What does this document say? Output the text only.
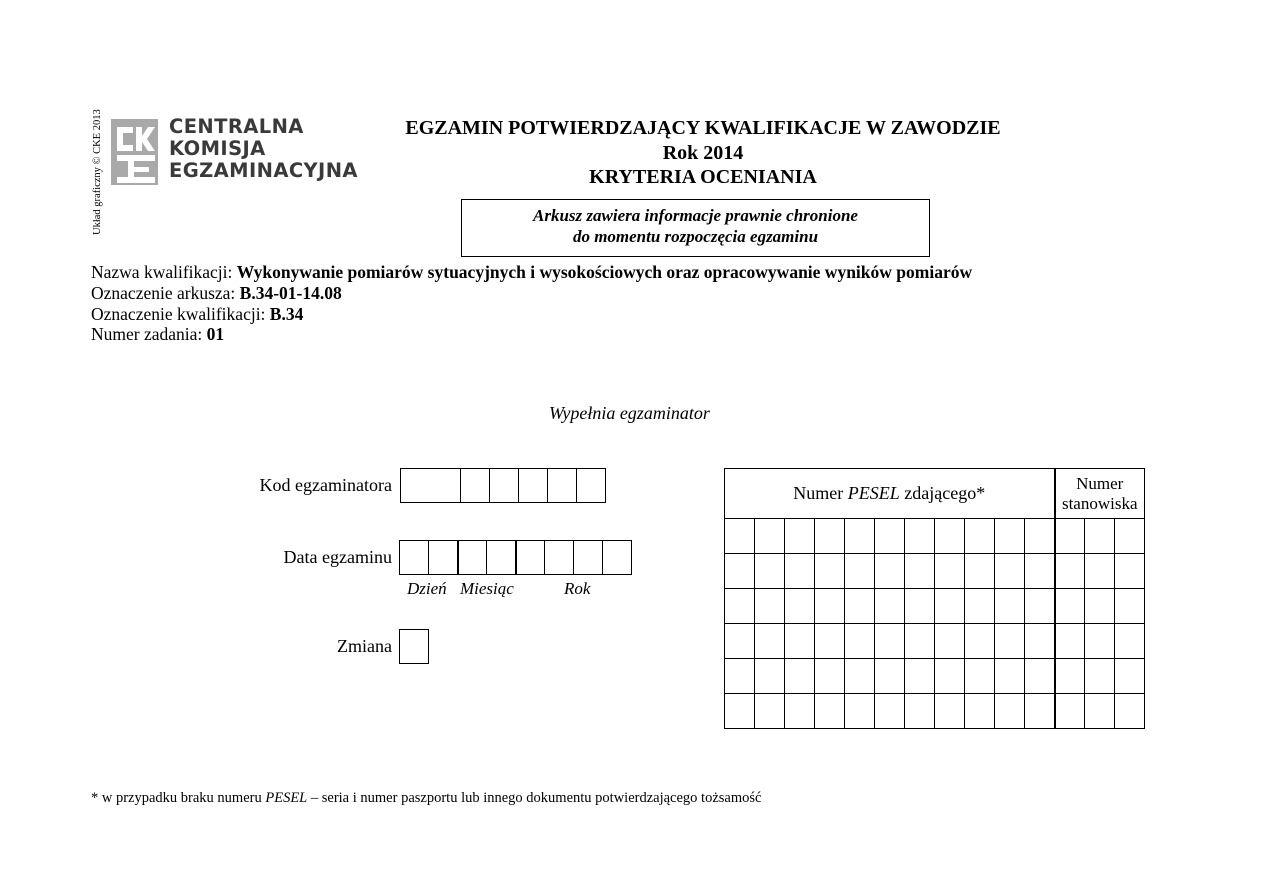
Układ graficzny © CKE 2013	CENTRALNA
KOMISJA
EGZAMINACYJNA
EGZAMIN POTWIERDZAJĄCY KWALIFIKACJE W ZAWODZIE
Rok 2014
KRYTERIA OCENIANIA
Arkusz zawiera informacje prawnie chronione
do momentu rozpoczęcia egzaminu
Nazwa kwalifikacji: Wykonywanie pomiarów sytuacyjnych i wysokościowych oraz opracowywanie wyników pomiarów
Oznaczenie arkusza: B.34-01-14.08
Oznaczenie kwalifikacji: B.34
Numer zadania: 01
Wypełnia egzaminator
Kod egzaminatora
Data egzaminu
Dzień Miesiąc	Rok
Zmiana
Numer PESEL zdającego*											Numer
stanowiska		

* w przypadku braku numeru PESEL – seria i numer paszportu lub innego dokumentu potwierdzającego tożsamość
